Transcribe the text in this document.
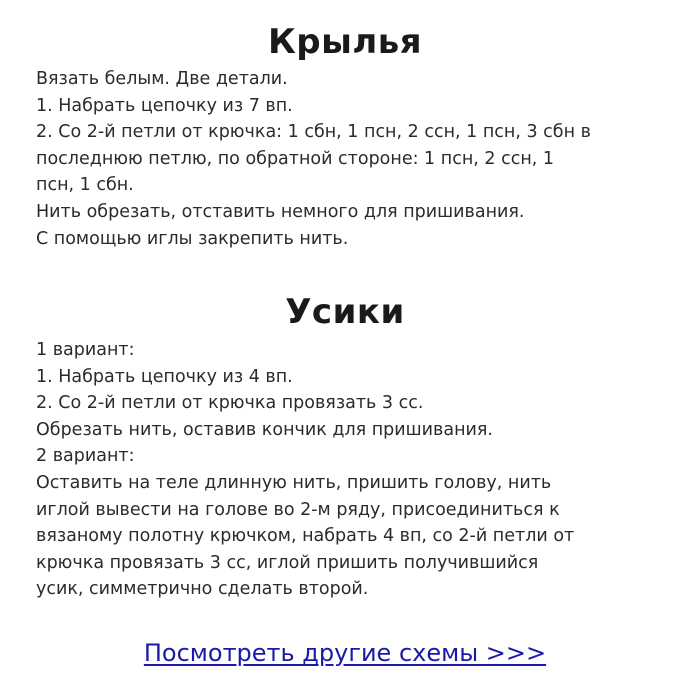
Крылья
Вязать белым. Две детали.
1. Набрать цепочку из 7 вп.
2. Со 2-й петли от крючка: 1 сбн, 1 псн, 2 ссн, 1 псн, 3 сбн в
последнюю петлю, по обратной стороне: 1 псн, 2 ссн, 1
псн, 1 сбн.
Нить обрезать, отставить немного для пришивания.
С помощью иглы закрепить нить.
Усики
1 вариант:
1. Набрать цепочку из 4 вп.
2. Со 2-й петли от крючка провязать 3 сс.
Обрезать нить, оставив кончик для пришивания.
2 вариант:
Оставить на теле длинную нить, пришить голову, нить
иглой вывести на голове во 2-м ряду, присоединиться к
вязаному полотну крючком, набрать 4 вп, со 2-й петли от
крючка провязать 3 сс, иглой пришить получившийся
усик, симметрично сделать второй.
Посмотреть другие схемы >>>
